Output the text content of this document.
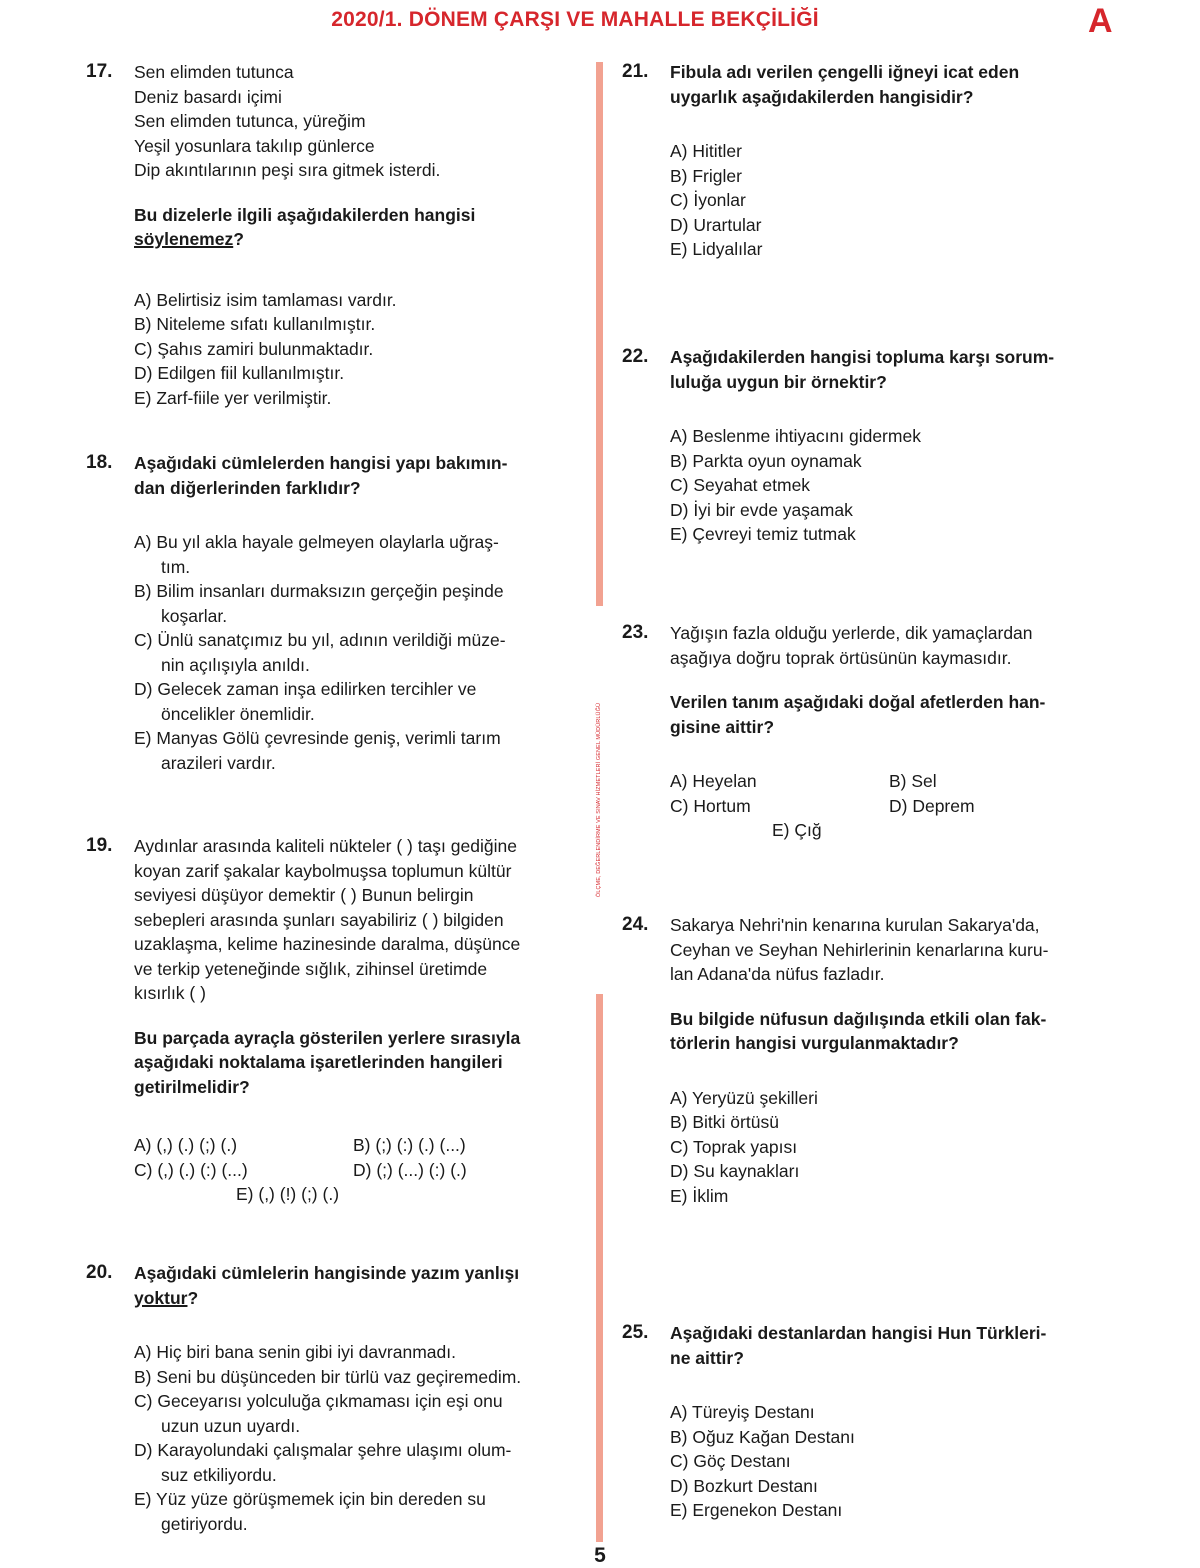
2020/1. DÖNEM ÇARŞI VE MAHALLE BEKÇİLİĞİ	A
ÖLÇME, DEĞERLENDİRME VE SINAV HİZMETLERİ GENEL MÜDÜRLÜĞÜ
17. Sen elimden tutunca
Deniz basardı içimi
Sen elimden tutunca, yüreğim
Yeşil yosunlara takılıp günlerce
Dip akıntılarının peşi sıra gitmek isterdi.
Bu dizelerle ilgili aşağıdakilerden hangisi
söylenemez?
A) Belirtisiz isim tamlaması vardır.
B) Niteleme sıfatı kullanılmıştır.
C) Şahıs zamiri bulunmaktadır.
D) Edilgen fiil kullanılmıştır.
E) Zarf-fiile yer verilmiştir.
18. Aşağıdaki cümlelerden hangisi yapı bakımın-
dan diğerlerinden farklıdır?
A) Bu yıl akla hayale gelmeyen olaylarla uğraş-
tım.
B) Bilim insanları durmaksızın gerçeğin peşinde
koşarlar.
C) Ünlü sanatçımız bu yıl, adının verildiği müze-
nin açılışıyla anıldı.
D) Gelecek zaman inşa edilirken tercihler ve
öncelikler önemlidir.
E) Manyas Gölü çevresinde geniş, verimli tarım
arazileri vardır.
19. Aydınlar arasında kaliteli nükteler ( ) taşı gediğine
koyan zarif şakalar kaybolmuşsa toplumun kültür
seviyesi düşüyor demektir ( ) Bunun belirgin
sebepleri arasında şunları sayabiliriz ( ) bilgiden
uzaklaşma, kelime hazinesinde daralma, düşünce
ve terkip yeteneğinde sığlık, zihinsel üretimde
kısırlık ( )
Bu parçada ayraçla gösterilen yerlere sırasıyla
aşağıdaki noktalama işaretlerinden hangileri
getirilmelidir?
A) (,) (.) (;) (.)	B) (;) (:) (.) (...)
C) (,) (.) (:) (...)	D) (;) (...) (:) (.)
E) (,) (!) (;) (.)
20. Aşağıdaki cümlelerin hangisinde yazım yanlışı
yoktur?
A) Hiç biri bana senin gibi iyi davranmadı.
B) Seni bu düşünceden bir türlü vaz geçiremedim.
C) Geceyarısı yolculuğa çıkmaması için eşi onu
uzun uzun uyardı.
D) Karayolundaki çalışmalar şehre ulaşımı olum-
suz etkiliyordu.
E) Yüz yüze görüşmemek için bin dereden su
getiriyordu.
21. Fibula adı verilen çengelli iğneyi icat eden
uygarlık aşağıdakilerden hangisidir?
A) Hititler
B) Frigler
C) İyonlar
D) Urartular
E) Lidyalılar
22. Aşağıdakilerden hangisi topluma karşı sorum-
luluğa uygun bir örnektir?
A) Beslenme ihtiyacını gidermek
B) Parkta oyun oynamak
C) Seyahat etmek
D) İyi bir evde yaşamak
E) Çevreyi temiz tutmak
23. Yağışın fazla olduğu yerlerde, dik yamaçlardan
aşağıya doğru toprak örtüsünün kaymasıdır.
Verilen tanım aşağıdaki doğal afetlerden han-
gisine aittir?
A) Heyelan	B) Sel
C) Hortum	D) Deprem
E) Çığ
24. Sakarya Nehri'nin kenarına kurulan Sakarya'da,
Ceyhan ve Seyhan Nehirlerinin kenarlarına kuru-
lan Adana'da nüfus fazladır.
Bu bilgide nüfusun dağılışında etkili olan fak-
törlerin hangisi vurgulanmaktadır?
A) Yeryüzü şekilleri
B) Bitki örtüsü
C) Toprak yapısı
D) Su kaynakları
E) İklim
25. Aşağıdaki destanlardan hangisi Hun Türkleri-
ne aittir?
A) Türeyiş Destanı
B) Oğuz Kağan Destanı
C) Göç Destanı
D) Bozkurt Destanı
E) Ergenekon Destanı
5
